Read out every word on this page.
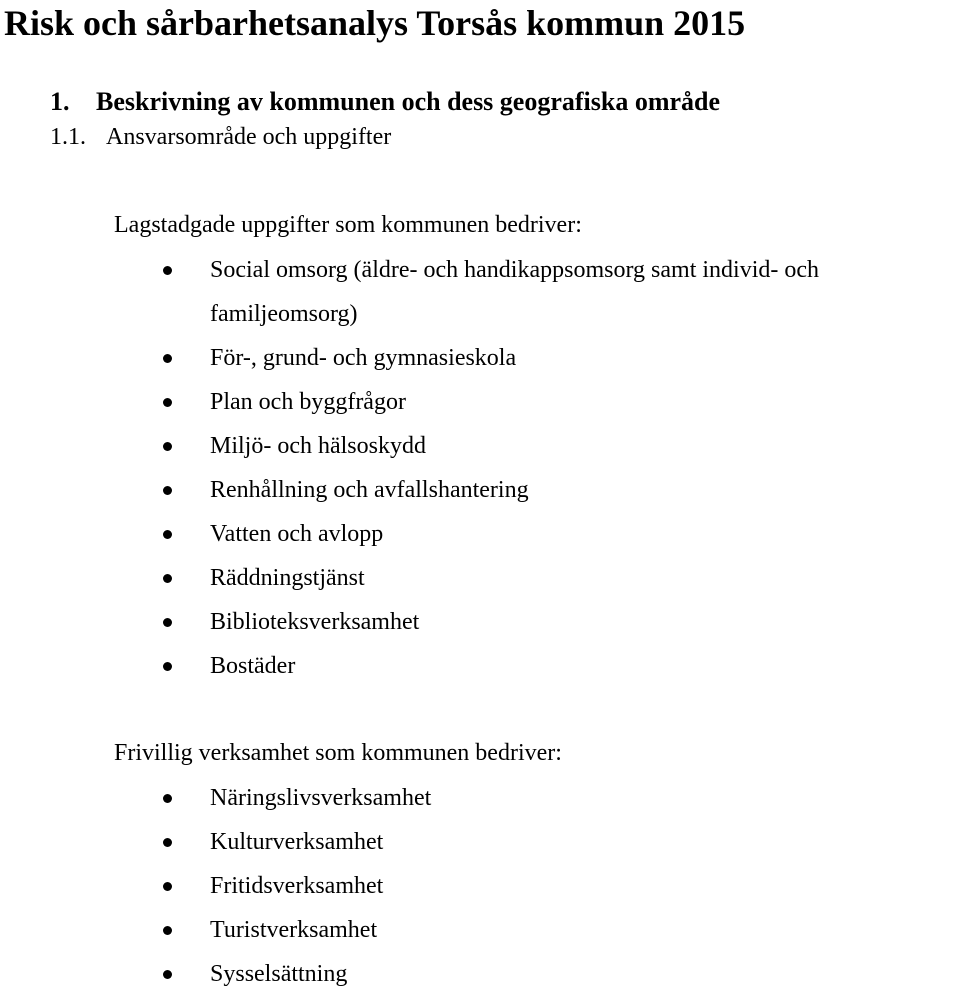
Risk och sårbarhetsanalys Torsås kommun 2015
1. Beskrivning av kommunen och dess geografiska område
1.1. Ansvarsområde och uppgifter

Lagstadgade uppgifter som kommunen bedriver:

Social omsorg (äldre- och handikappsomsorg samt individ- och
familjeomsorg)
För-, grund- och gymnasieskola
Plan och byggfrågor
Miljö- och hälsoskydd
Renhållning och avfallshantering
Vatten och avlopp
Räddningstjänst
Biblioteksverksamhet
Bostäder

Frivillig verksamhet som kommunen bedriver:

Näringslivsverksamhet
Kulturverksamhet
Fritidsverksamhet
Turistverksamhet
Sysselsättning
